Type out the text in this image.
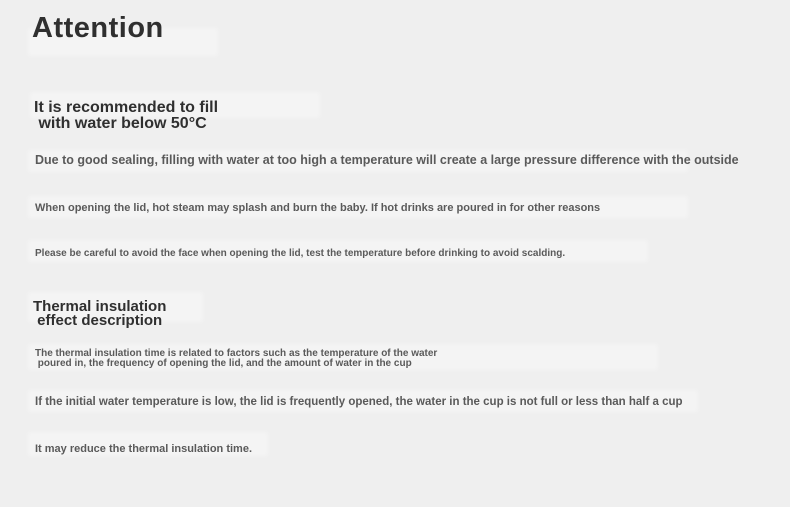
Attention
It is recommended to fill
with water below 50°C
Due to good sealing, filling with water at too high a temperature will create a large pressure difference with the outside
When opening the lid, hot steam may splash and burn the baby. If hot drinks are poured in for other reasons
Please be careful to avoid the face when opening the lid, test the temperature before drinking to avoid scalding.
Thermal insulation
effect description
The thermal insulation time is related to factors such as the temperature of the water
poured in, the frequency of opening the lid, and the amount of water in the cup
If the initial water temperature is low, the lid is frequently opened, the water in the cup is not full or less than half a cup
It may reduce the thermal insulation time.
